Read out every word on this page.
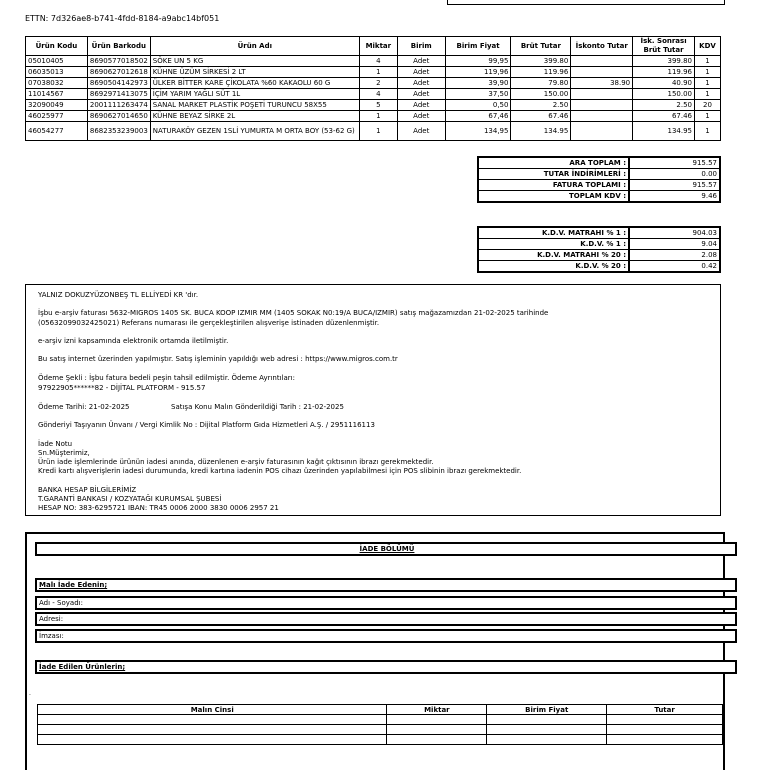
ETTN: 7d326ae8-b741-4fdd-8184-a9abc14bf051
Ürün Kodu	Ürün Barkodu	Ürün Adı	Miktar	Birim	Birim Fiyat	Brüt Tutar	İskonto Tutar	İsk. Sonrası Brüt Tutar	KDV
05010405	8690577018502	SÖKE UN 5 KG	4	Adet	99,95	399.80		399.80	1
06035013	8690627012618	KÜHNE ÜZÜM SİRKESİ 2 LT	1	Adet	119,96	119.96		119.96	1
07038032	8690504142973	ÜLKER BİTTER KARE ÇİKOLATA %60 KAKAOLU 60 G	2	Adet	39,90	79.80	38.90	40.90	1
11014567	8692971413075	İÇİM YARIM YAĞLI SÜT 1L	4	Adet	37,50	150.00		150.00	1
32090049	2001111263474	SANAL MARKET PLASTİK POŞETİ TURUNCU 58X55	5	Adet	0,50	2.50		2.50	20
46025977	8690627014650	KÜHNE BEYAZ SİRKE 2L	1	Adet	67,46	67.46		67.46	1
46054277	8682353239003	NATURAKÖY GEZEN 1SLİ YUMURTA M ORTA BOY (53-62 G)	1	Adet	134,95	134.95		134.95	1
ARA TOPLAM :	915.57
TUTAR İNDİRİMLERİ :	0.00
FATURA TOPLAMI :	915.57
TOPLAM KDV :	9.46
K.D.V. MATRAHI % 1 :	904.03
K.D.V. % 1 :	9.04
K.D.V. MATRAHI % 20 :	2.08
K.D.V. % 20 :	0.42
YALNIZ DOKUZYÜZONBEŞ TL ELLİYEDİ KR 'dır.
İşbu e-arşiv faturası 5632-MIGROS 1405 SK. BUCA KOOP IZMIR MM (1405 SOKAK N0:19/A BUCA/IZMIR) satış mağazamızdan 21-02-2025 tarihinde
(05632099032425021) Referans numarası ile gerçekleştirilen alışverişe istinaden düzenlenmiştir.
e-arşiv izni kapsamında elektronik ortamda iletilmiştir.
Bu satış internet üzerinden yapılmıştır. Satış işleminin yapıldığı web adresi : https://www.migros.com.tr
Ödeme Şekli : İşbu fatura bedeli peşin tahsil edilmiştir. Ödeme Ayrıntıları:
97922905******82 - DİJİTAL PLATFORM - 915.57
Ödeme Tarihi: 21-02-2025	Satışa Konu Malın Gönderildiği Tarih : 21-02-2025
Gönderiyi Taşıyanın Ünvanı / Vergi Kimlik No : Dijital Platform Gıda Hizmetleri A.Ş. / 2951116113
İade Notu
Sn.Müşterimiz,
Ürün iade işlemlerinde ürünün iadesi anında, düzenlenen e-arşiv faturasının kağıt çıktısının ibrazı gerekmektedir.
Kredi kartı alışverişlerin iadesi durumunda, kredi kartına iadenin POS cihazı üzerinden yapılabilmesi için POS slibinin ibrazı gerekmektedir.
BANKA HESAP BİLGİLERİMİZ
T.GARANTİ BANKASI / KOZYATAĞI KURUMSAL ŞUBESİ
HESAP NO: 383-6295721 IBAN: TR45 0006 2000 3830 0006 2957 21
İADE BÖLÜMÜ
Malı İade Edenin;
Adı - Soyadı:
Adresi:
İmzası:
İade Edilen Ürünlerin;
Malın Cinsi	Miktar	Birim Fiyat	Tutar

.
